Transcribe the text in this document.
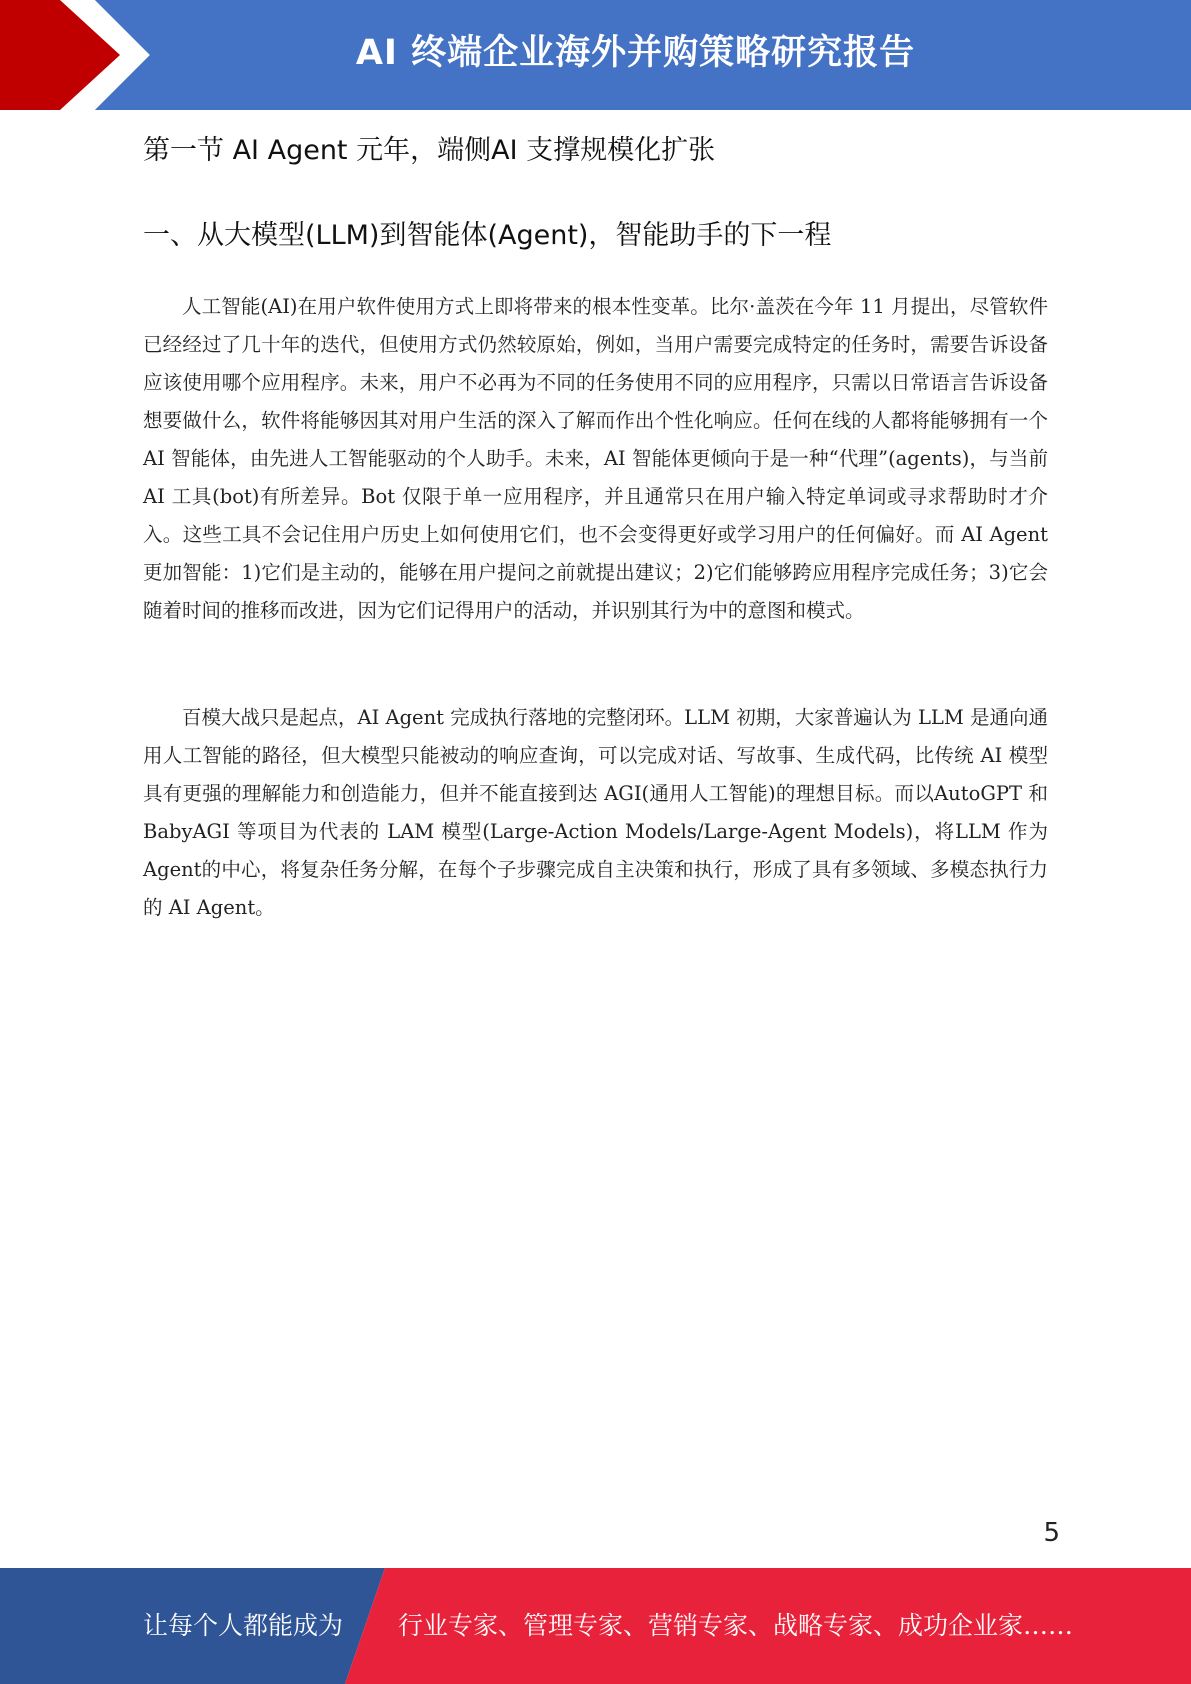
AI 终端企业海外并购策略研究报告
第一节 AI Agent 元年，端侧AI 支撑规模化扩张
一、从大模型(LLM)到智能体(Agent)，智能助手的下一程

人工智能(AI)在用户软件使用方式上即将带来的根本性变革。比尔·盖茨在今年 11 月提出，尽管软件已经经过了几十年的迭代，但使用方式仍然较原始，例如，当用户需要完成特定的任务时，需要告诉设备应该使用哪个应用程序。未来，用户不必再为不同的任务使用不同的应用程序，只需以日常语言告诉设备想要做什么，软件将能够因其对用户生活的深入了解而作出个性化响应。任何在线的人都将能够拥有一个 AI 智能体，由先进人工智能驱动的个人助手。未来，AI 智能体更倾向于是一种“代理”(agents)，与当前AI 工具(bot)有所差异。Bot 仅限于单一应用程序，并且通常只在用户输入特定单词或寻求帮助时才介入。这些工具不会记住用户历史上如何使用它们，也不会变得更好或学习用户的任何偏好。而 AI Agent 更加智能：1)它们是主动的，能够在用户提问之前就提出建议；2)它们能够跨应用程序完成任务；3)它会随着时间的推移而改进，因为它们记得用户的活动，并识别其行为中的意图和模式。

百模大战只是起点，AI Agent 完成执行落地的完整闭环。LLM 初期，大家普遍认为 LLM 是通向通用人工智能的路径，但大模型只能被动的响应查询，可以完成对话、写故事、生成代码，比传统 AI 模型具有更强的理解能力和创造能力，但并不能直接到达 AGI(通用人工智能)的理想目标。而以AutoGPT 和BabyAGI 等项目为代表的 LAM 模型(Large-Action Models/Large-Agent Models)，将LLM 作为Agent的中心，将复杂任务分解，在每个子步骤完成自主决策和执行，形成了具有多领域、多模态执行力的 AI Agent。

5
让每个人都能成为 行业专家、管理专家、营销专家、战略专家、成功企业家……
